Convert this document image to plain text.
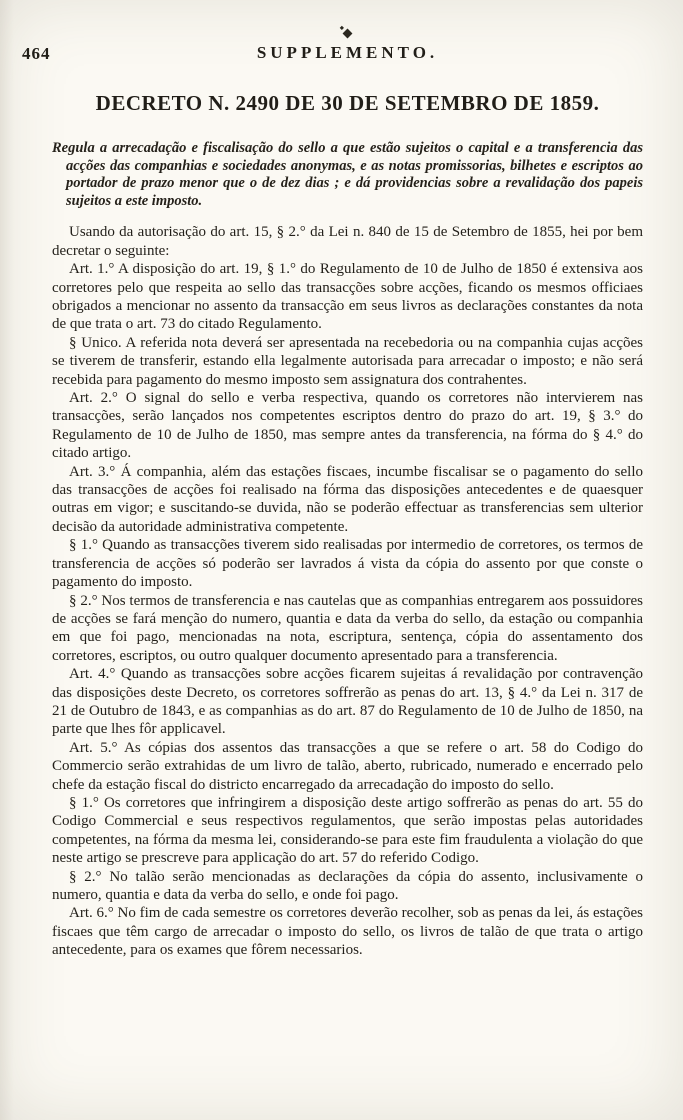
464	SUPPLEMENTO.
DECRETO N. 2490 DE 30 DE SETEMBRO DE 1859.

Regula a arrecadação e fiscalisação do sello a que estão sujeitos o capital e a transferencia das acções das companhias e sociedades anonymas, e as notas promissorias, bilhetes e escriptos ao portador de prazo menor que o de dez dias ; e dá providencias sobre a revalidação dos papeis sujeitos a este imposto.

Usando da autorisação do art. 15, § 2.° da Lei n. 840 de 15 de Setembro de 1855, hei por bem decretar o seguinte:

Art. 1.° A disposição do art. 19, § 1.° do Regulamento de 10 de Julho de 1850 é extensiva aos corretores pelo que respeita ao sello das transacções sobre acções, ficando os mesmos officiaes obrigados a mencionar no assento da transacção em seus livros as declarações constantes da nota de que trata o art. 73 do citado Regulamento.

§ Unico. A referida nota deverá ser apresentada na recebedoria ou na companhia cujas acções se tiverem de transferir, estando ella legalmente autorisada para arrecadar o imposto; e não será recebida para pagamento do mesmo imposto sem assignatura dos contrahentes.

Art. 2.° O signal do sello e verba respectiva, quando os corretores não intervierem nas transacções, serão lançados nos competentes escriptos dentro do prazo do art. 19, § 3.° do Regulamento de 10 de Julho de 1850, mas sempre antes da transferencia, na fórma do § 4.° do citado artigo.

Art. 3.° Á companhia, além das estações fiscaes, incumbe fiscalisar se o pagamento do sello das transacções de acções foi realisado na fórma das disposições antecedentes e de quaesquer outras em vigor; e suscitando-se duvida, não se poderão effectuar as transferencias sem ulterior decisão da autoridade administrativa competente.

§ 1.° Quando as transacções tiverem sido realisadas por intermedio de corretores, os termos de transferencia de acções só poderão ser lavrados á vista da cópia do assento por que conste o pagamento do imposto.

§ 2.° Nos termos de transferencia e nas cautelas que as companhias entregarem aos possuidores de acções se fará menção do numero, quantia e data da verba do sello, da estação ou companhia em que foi pago, mencionadas na nota, escriptura, sentença, cópia do assentamento dos corretores, escriptos, ou outro qualquer documento apresentado para a transferencia.

Art. 4.° Quando as transacções sobre acções ficarem sujeitas á revalidação por contravenção das disposições deste Decreto, os corretores soffrerão as penas do art. 13, § 4.° da Lei n. 317 de 21 de Outubro de 1843, e as companhias as do art. 87 do Regulamento de 10 de Julho de 1850, na parte que lhes fôr applicavel.

Art. 5.° As cópias dos assentos das transacções a que se refere o art. 58 do Codigo do Commercio serão extrahidas de um livro de talão, aberto, rubricado, numerado e encerrado pelo chefe da estação fiscal do districto encarregado da arrecadação do imposto do sello.

§ 1.° Os corretores que infringirem a disposição deste artigo soffrerão as penas do art. 55 do Codigo Commercial e seus respectivos regulamentos, que serão impostas pelas autoridades competentes, na fórma da mesma lei, considerando-se para este fim fraudulenta a violação do que neste artigo se prescreve para applicação do art. 57 do referido Codigo.

§ 2.° No talão serão mencionadas as declarações da cópia do assento, inclusivamente o numero, quantia e data da verba do sello, e onde foi pago.

Art. 6.° No fim de cada semestre os corretores deverão recolher, sob as penas da lei, ás estações fiscaes que têm cargo de arrecadar o imposto do sello, os livros de talão de que trata o artigo antecedente, para os exames que fôrem necessarios.
